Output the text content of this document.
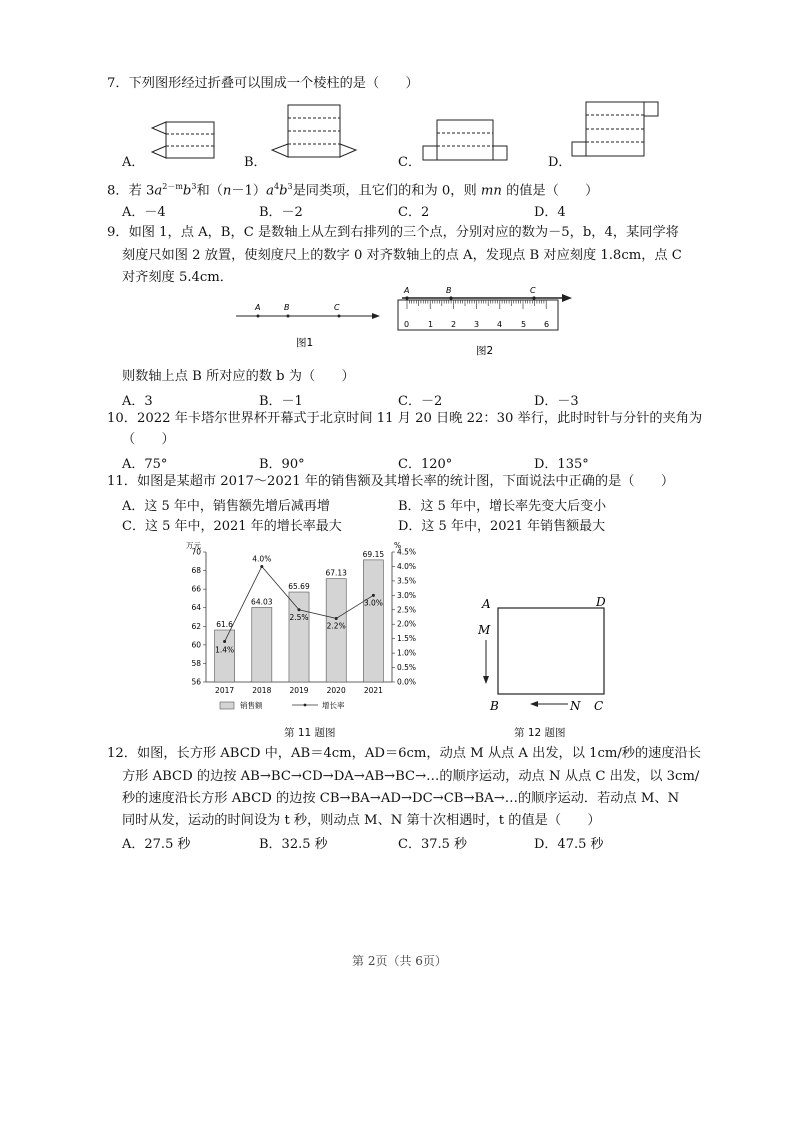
7．下列图形经过折叠可以围成一个棱柱的是（　　）
A．	B．	C．	D．
8．若 $3a^{2-m}b^3$和$(n-1)a^4b^3$是同类项，且它们的和为 0，则 mn 的值是（　　）
A．－4	B．－2	C．2	D．4
9．如图 1，点 A，B，C 是数轴上从左到右排列的三个点，分别对应的数为－5，b，4，某同学将
刻度尺如图 2 放置，使刻度尺上的数字 0 对齐数轴上的点 A，发现点 B 对应刻度 1.8cm，点 C
对齐刻度 5.4cm．
A	B	C
图1
A	B	C
0 1 2 3 4 5 6
图2
则数轴上点 B 所对应的数 b 为（　　）
A．3	B．－1	C．－2	D．－3
10．2022 年卡塔尔世界杯开幕式于北京时间 11 月 20 日晚 22：30 举行，此时时针与分针的夹角为
（　　）
A．75°	B．90°	C．120°	D．135°
11．如图是某超市 2017～2021 年的销售额及其增长率的统计图，下面说法中正确的是（　　）
A．这 5 年中，销售额先增后减再增	B．这 5 年中，增长率先变大后变小
C．这 5 年中，2021 年的增长率最大	D．这 5 年中，2021 年销售额最大
万元	%
56
58
60
62
64
66
68
70
0.0%
0.5%
1.0%
1.5%
2.0%
2.5%
3.0%
3.5%
4.0%
4.5%
2017 2018 2019 2020 2021
61.6
64.03
65.69
67.13
69.15
1.4%
4.0%
2.5%
2.2%
3.0%
销售额	增长率
第 11 题图
A	D
M
B	N C
第 12 题图
12．如图，长方形 ABCD 中，AB＝4cm，AD＝6cm，动点 M 从点 A 出发，以 1cm/秒的速度沿长
方形 ABCD 的边按 AB→BC→CD→DA→AB→BC→…的顺序运动，动点 N 从点 C 出发，以 3cm/
秒的速度沿长方形 ABCD 的边按 CB→BA→AD→DC→CB→BA→…的顺序运动．若动点 M、N
同时从发，运动的时间设为 t 秒，则动点 M、N 第十次相遇时，t 的值是（　　）
A．27.5 秒	B．32.5 秒	C．37.5 秒	D．47.5 秒
第 2页（共 6页）
